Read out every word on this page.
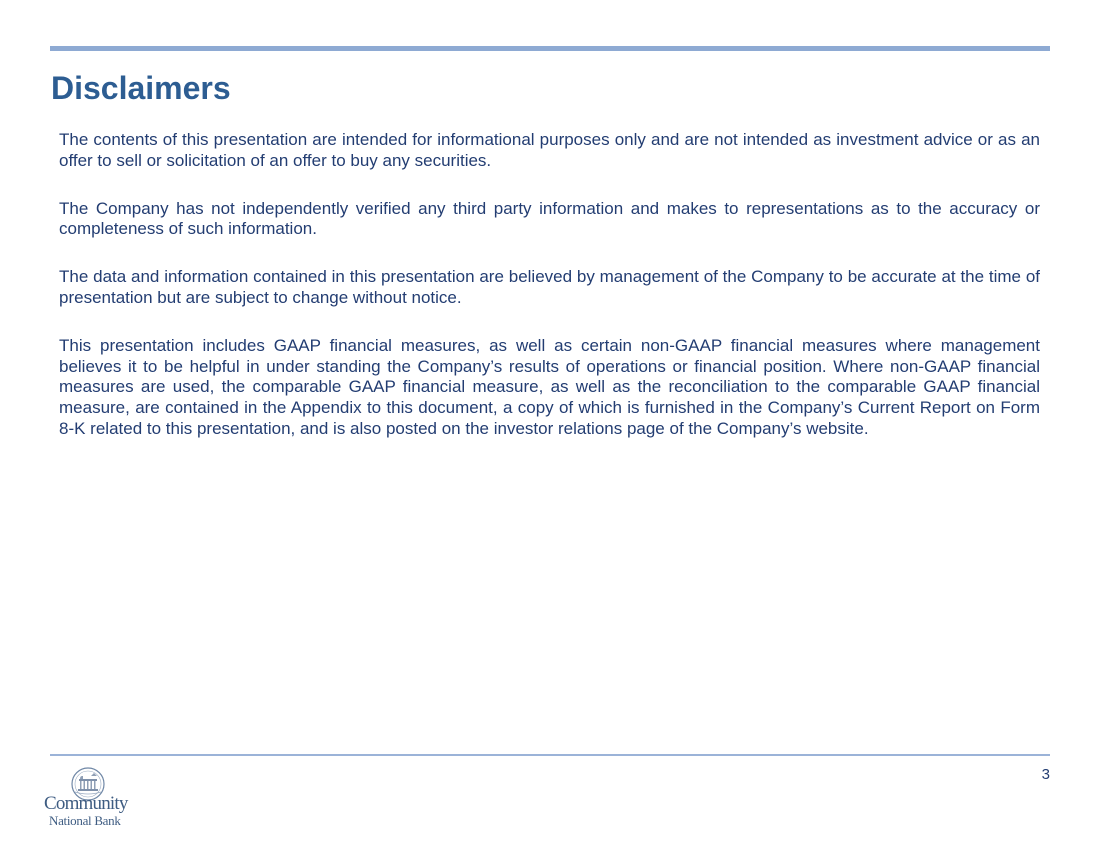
Disclaimers

The contents of this presentation are intended for informational purposes only and are not intended as investment advice or as an offer to sell or solicitation of an offer to buy any securities.

The Company has not independently verified any third party information and makes to representations as to the accuracy or completeness of such information.

The data and information contained in this presentation are believed by management of the Company to be accurate at the time of presentation but are subject to change without notice.

This presentation includes GAAP financial measures, as well as certain non-GAAP financial measures where management believes it to be helpful in under standing the Company’s results of operations or financial position. Where non-GAAP financial measures are used, the comparable GAAP financial measure, as well as the reconciliation to the comparable GAAP financial measure, are contained in the Appendix to this document, a copy of which is furnished in the Company’s Current Report on Form 8-K related to this presentation, and is also posted on the investor relations page of the Company’s website.

Community
National Bank
3
